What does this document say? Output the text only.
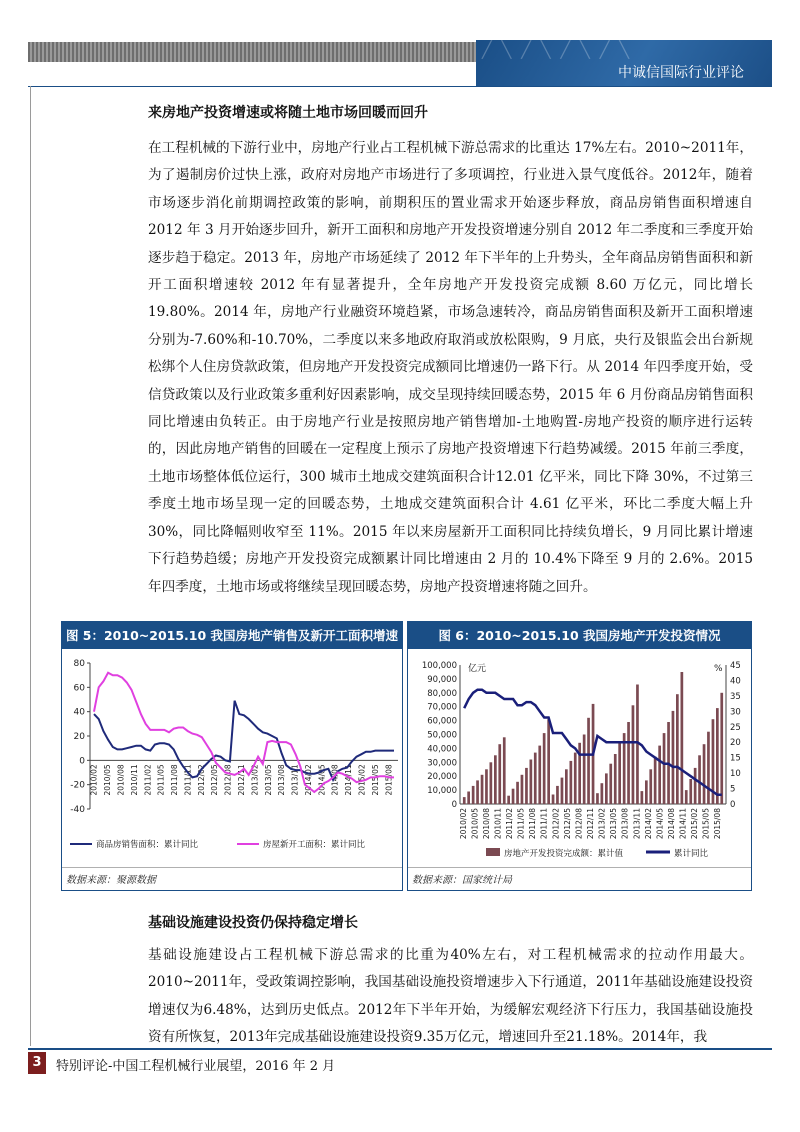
╱╲╱╲╱╲╱╲
中诚信国际行业评论
来房地产投资增速或将随土地市场回暖而回升
在工程机械的下游行业中，房地产行业占工程机械下游总需求的比重达 17%左右。2010~2011年，为了遏制房价过快上涨，政府对房地产市场进行了多项调控，行业进入景气度低谷。2012年，随着市场逐步消化前期调控政策的影响，前期积压的置业需求开始逐步释放，商品房销售面积增速自 2012 年 3 月开始逐步回升，新开工面积和房地产开发投资增速分别自 2012 年二季度和三季度开始逐步趋于稳定。2013 年，房地产市场延续了 2012 年下半年的上升势头，全年商品房销售面积和新开工面积增速较 2012 年有显著提升，全年房地产开发投资完成额 8.60 万亿元，同比增长 19.80%。2014 年，房地产行业融资环境趋紧，市场急速转冷，商品房销售面积及新开工面积增速分别为-7.60%和-10.70%，二季度以来多地政府取消或放松限购，9 月底，央行及银监会出台新规松绑个人住房贷款政策，但房地产开发投资完成额同比增速仍一路下行。从 2014 年四季度开始，受信贷政策以及行业政策多重利好因素影响，成交呈现持续回暖态势，2015 年 6 月份商品房销售面积同比增速由负转正。由于房地产行业是按照房地产销售增加-土地购置-房地产投资的顺序进行运转的，因此房地产销售的回暖在一定程度上预示了房地产投资增速下行趋势减缓。2015 年前三季度，土地市场整体低位运行，300 城市土地成交建筑面积合计12.01 亿平米，同比下降 30%，不过第三季度土地市场呈现一定的回暖态势，土地成交建筑面积合计 4.61 亿平米，环比二季度大幅上升 30%，同比降幅则收窄至 11%。2015 年以来房屋新开工面积同比持续负增长，9 月同比累计增速下行趋势趋缓；房地产开发投资完成额累计同比增速由 2 月的 10.4%下降至 9 月的 2.6%。2015 年四季度，土地市场或将继续呈现回暖态势，房地产投资增速将随之回升。
图 5：2010~2015.10 我国房地产销售及新开工面积增速
-40
-20
0
20
40
60
80
2010/02 2010/05 2010/08 2010/11 2011/02 2011/05 2011/08 2011/11 2012/02 2012/05 2012/08 2012/11 2013/02 2013/05 2013/08 2013/11 2014/02 2014/05 2014/08 2014/11 2015/02 2015/05 2015/08
商品房销售面积：累计同比	房屋新开工面积：累计同比
数据来源：聚源数据
图 6：2010~2015.10 我国房地产开发投资情况
100,000
90,000
80,000
70,000
60,000
50,000
40,000
30,000
20,000
10,000
0
45
40
35
30
25
20
15
10
5
0
亿元	%
2010/02 2010/05 2010/08 2010/11 2011/02 2011/05 2011/08 2011/11 2012/02 2012/05 2012/08 2012/11 2013/02 2013/05 2013/08 2013/11 2014/02 2014/05 2014/08 2014/11 2015/02 2015/05 2015/08
房地产开发投资完成额：累计值	累计同比
数据来源：国家统计局
基础设施建设投资仍保持稳定增长
基础设施建设占工程机械下游总需求的比重为40%左右，对工程机械需求的拉动作用最大。2010~2011年，受政策调控影响，我国基础设施投资增速步入下行通道，2011年基础设施建设投资增速仅为6.48%，达到历史低点。2012年下半年开始，为缓解宏观经济下行压力，我国基础设施投资有所恢复，2013年完成基础设施建设投资9.35万亿元，增速回升至21.18%。2014年，我
3	特别评论-中国工程机械行业展望，2016 年 2 月
